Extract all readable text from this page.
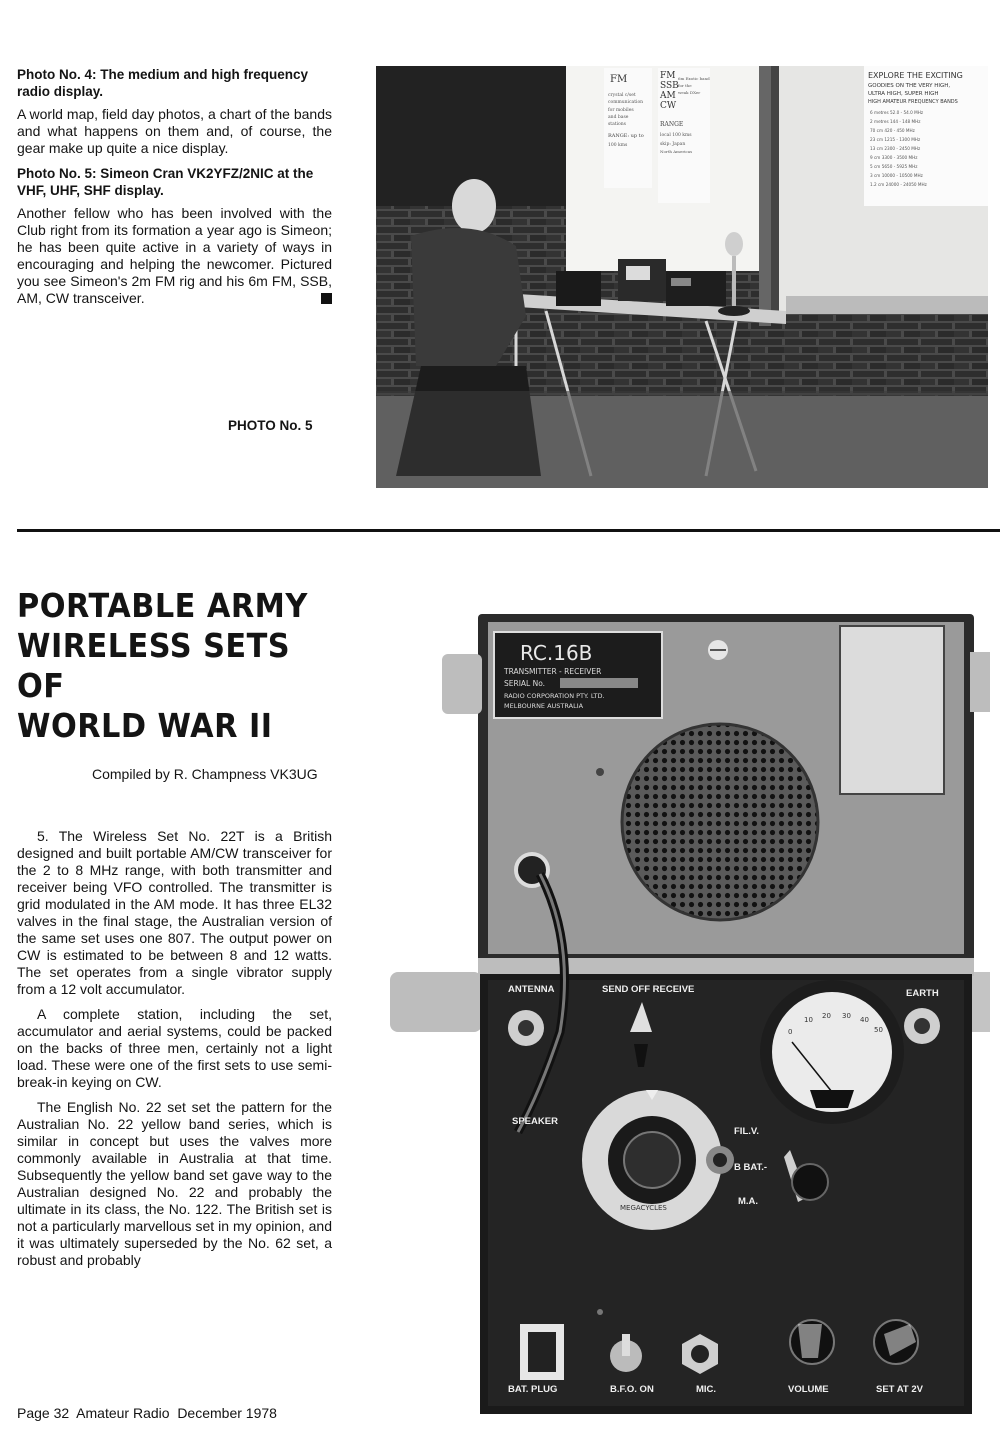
Photo No. 4: The medium and high frequency radio display.

A world map, field day photos, a chart of the bands and what happens on them and, of course, the gear make up quite a nice display.

Photo No. 5: Simeon Cran VK2YFZ/2NIC at the VHF, UHF, SHF display.

Another fellow who has been involved with the Club right from its formation a year ago is Simeon; he has been quite active in a variety of ways in encouraging and helping the newcomer. Pictured you see Simeon's 2m FM rig and his 6m FM, SSB, AM, CW transceiver.

PHOTO No. 5
FM
crystal c/set
communication
for mobiles
and base
stations
RANGE: up to
100 kms
FM
SSB
AM
CW
6m Exotic band
for the
weak DXer
RANGE
local 100 kms
skip: Japan
North Americas
EXPLORE THE EXCITING
GOODIES ON THE VERY HIGH,
ULTRA HIGH, SUPER HIGH
HIGH AMATEUR FREQUENCY BANDS
6 metres 52.0 - 54.0 MHz
2 metres 144 - 148 MHz
70 cm 420 - 450 MHz
23 cm 1215 - 1300 MHz
13 cm 2300 - 2450 MHz
9 cm 3300 - 3500 MHz
5 cm 5650 - 5925 MHz
3 cm 10000 - 10500 MHz
1.2 cm 24000 - 24050 MHz
PORTABLE ARMY
WIRELESS SETS
OF
WORLD WAR II
Compiled by R. Champness VK3UG

5. The Wireless Set No. 22T is a British designed and built portable AM/CW transceiver for the 2 to 8 MHz range, with both transmitter and receiver being VFO controlled. The transmitter is grid modulated in the AM mode. It has three EL32 valves in the final stage, the Australian version of the same set uses one 807. The output power on CW is estimated to be between 8 and 12 watts. The set operates from a single vibrator supply from a 12 volt accumulator.

A complete station, including the set, accumulator and aerial systems, could be packed on the backs of three men, certainly not a light load. These were one of the first sets to use semi-break-in keying on CW.

The English No. 22 set set the pattern for the Australian No. 22 yellow band series, which is similar in concept but uses the valves more commonly available in Australia at that time. Subsequently the yellow band set gave way to the Australian designed No. 22 and probably the ultimate in its class, the No. 122. The British set is not a particularly marvellous set in my opinion, and it was ultimately superseded by the No. 62 set, a robust and probably

RC.16B
TRANSMITTER - RECEIVER
SERIAL No.
RADIO CORPORATION PTY. LTD.
MELBOURNE AUSTRALIA
ANTENNA	SEND OFF RECEIVE	EARTH
SPEAKER
FIL.V.
B BAT.-
M.A.
BAT. PLUG	B.F.O. ON	MIC.	VOLUME	SET AT 2V
0
10 20 30 40
50
MEGACYCLES
Page 32  Amateur Radio  December 1978
